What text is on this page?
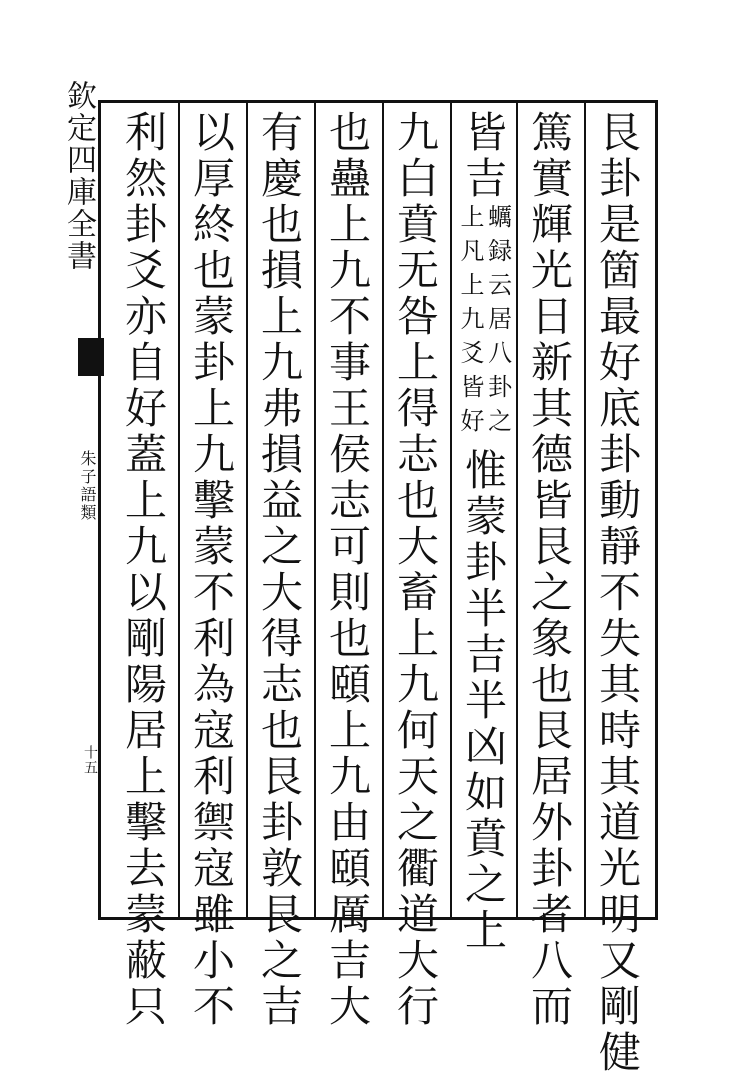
欽定四庫全書
朱子語類
十五	艮卦是箇最好底卦動靜不失其時其道光明又剛健
篤實輝光日新其德皆艮之象也艮居外卦者八而
皆吉
蠣録云居八卦之
上凡上九爻皆好
惟蒙卦半吉半凶如賁之上
九白賁无咎上得志也大畜上九何天之衢道大行
也蠱上九不事王侯志可則也頤上九由頤厲吉大
有慶也損上九弗損益之大得志也艮卦敦艮之吉
以厚終也蒙卦上九擊蒙不利為寇利禦寇雖小不
利然卦爻亦自好蓋上九以剛陽居上擊去蒙蔽只
